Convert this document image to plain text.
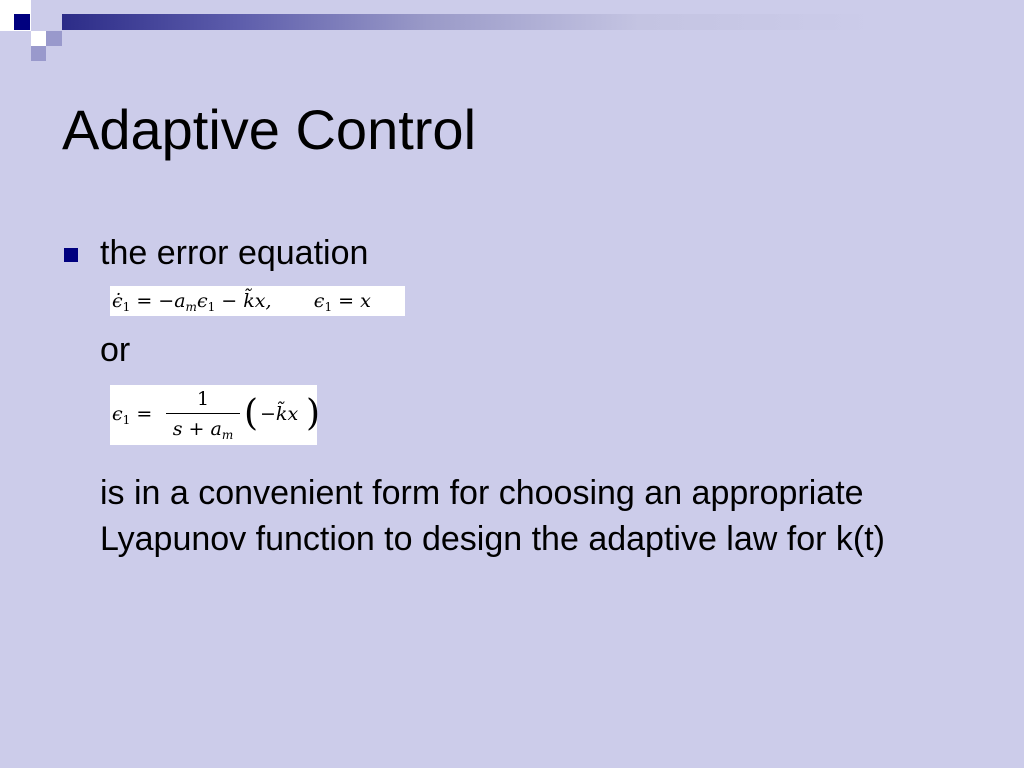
Adaptive Control
the error equation
$\epsiloṅ_1 = -a_m\epsilon_1$ − k̃x,       $\epsilon_1 = x$
or
$\epsilon_1$ =
1
$s + a_m$
( −k̃x )

is in a convenient form for choosing an appropriate Lyapunov function to design the adaptive law for k(t)
